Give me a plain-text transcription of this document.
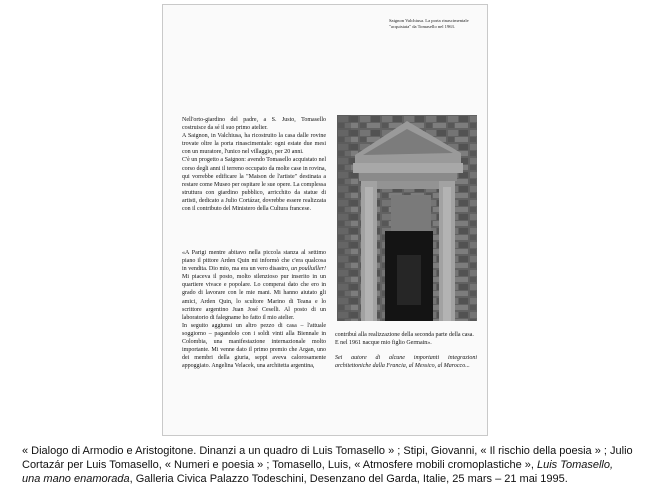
Saignon Valchiusa. La porta rinascimentale
"acquistata" da Tomasello nel 1963.

Nell'orto-giardino del padre, a S. Justo, Tomasello costruisce da sé il suo primo atelier.

A Saignon, in Valchiusa, ha ricostruito la casa dalle rovine trovate oltre la porta rinascimentale: ogni estate due mesi con un muratore, l'unico nel villaggio, per 20 anni.

C'è un progetto a Saignon: avendo Tomasello acquistato nel corso degli anni il terreno occupato da molte case in rovina, qui vorrebbe edificare la "Maison de l'artiste" destinata a restare come Museo per ospitare le sue opere. La complessa struttura con giardino pubblico, arricchito da statue di artisti, dedicato a Julio Cortázar, dovrebbe essere realizzata con il contributo del Ministero della Cultura francese.

«A Parigi mentre abitavo nella piccola stanza al settimo piano il pittore Arden Quin mi informò che c'era qualcosa in vendita. Dio mio, ma era un vero disastro, un poulluiller! Mi piaceva il posto, molto silenzioso pur inserito in un quartiere vivace e popolare. Lo comperai dato che ero in grado di lavorare con le mie mani. Mi hanno aiutato gli amici, Arden Quin, lo scultore Marino di Teana e lo scrittore argentino Juan José Ceselli. Al posto di un laboratorio di falegname ho fatto il mio atelier.

In seguito aggiunsi un altro pezzo di casa – l'attuale soggiorno – pagandolo con i soldi vinti alla Biennale in Colombia, una manifestazione internazionale molto importante. Mi venne dato il primo premio che Argan, uno dei membri della giuria, seppi aveva calorosamente appoggiato. Angelina Velacek, una architetta argentina,

contribuì alla realizzazione della seconda parte della casa.

E nel 1961 nacque mio figlio Germain».

Sei autore di alcune importanti integrazioni architettoniche dalla Francia, al Messico, al Marocco...

« Dialogo di Armodio e Aristogitone. Dinanzi a un quadro di Luis Tomasello » ; Stipi, Giovanni, « Il rischio della poesia » ; Julio Cortazár per Luis Tomasello, « Numeri e poesia » ; Tomasello, Luis, « Atmosfere mobili cromoplastiche », Luis Tomasello, una mano enamorada, Galleria Civica Palazzo Todeschini, Desenzano del Garda, Italie, 25 mars – 21 mai 1995.
